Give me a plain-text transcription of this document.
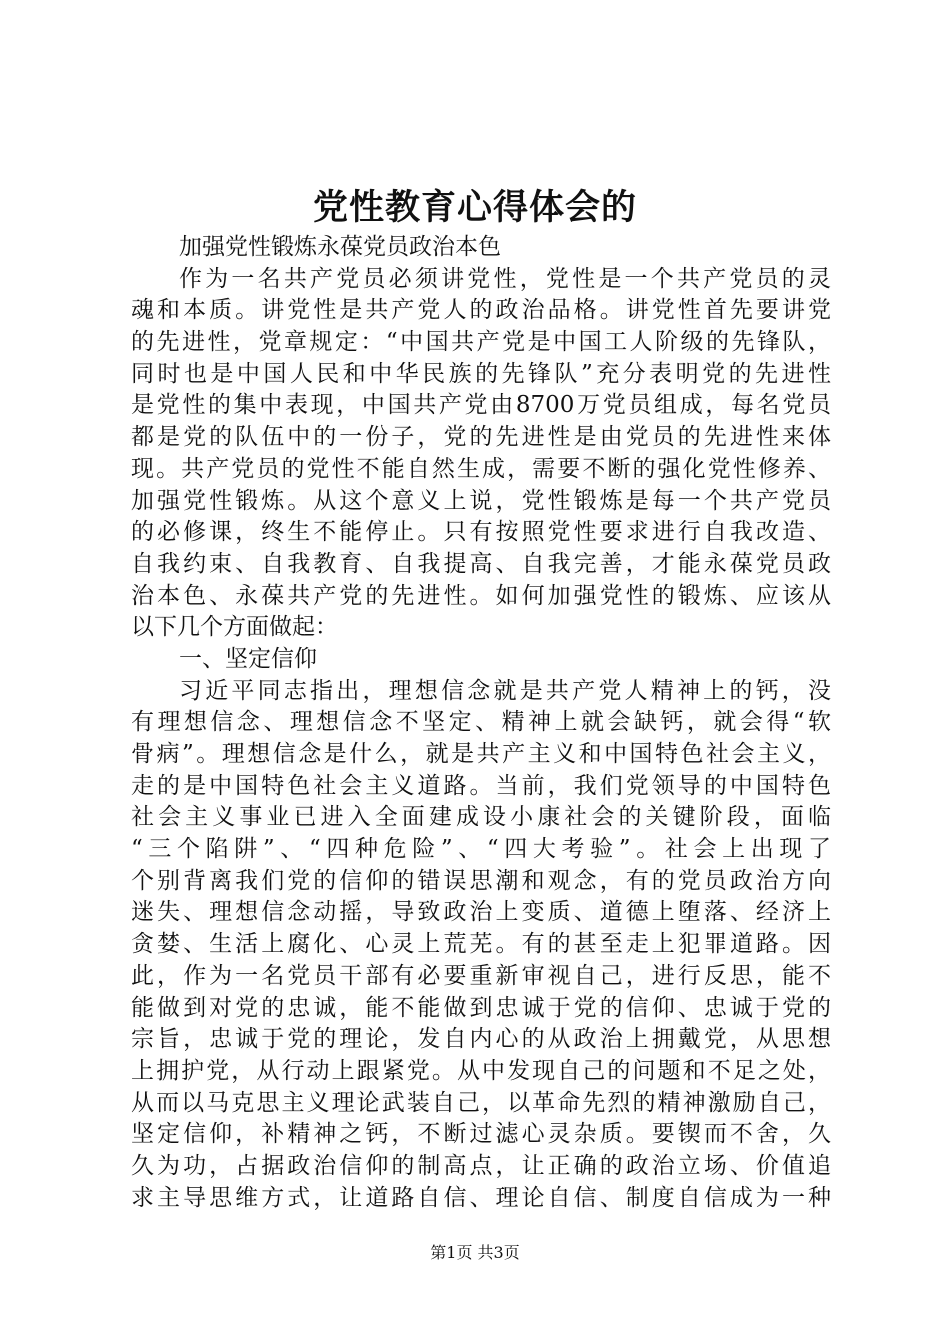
党性教育心得体会的
加强党性锻炼永葆党员政治本色
作为一名共产党员必须讲党性，党性是一个共产党员的灵
魂和本质。讲党性是共产党人的政治品格。讲党性首先要讲党
的先进性，党章规定：“中国共产党是中国工人阶级的先锋队，
同时也是中国人民和中华民族的先锋队”充分表明党的先进性
是党性的集中表现，中国共产党由8700万党员组成，每名党员
都是党的队伍中的一份子，党的先进性是由党员的先进性来体
现。共产党员的党性不能自然生成，需要不断的强化党性修养、
加强党性锻炼。从这个意义上说，党性锻炼是每一个共产党员
的必修课，终生不能停止。只有按照党性要求进行自我改造、
自我约束、自我教育、自我提高、自我完善，才能永葆党员政
治本色、永葆共产党的先进性。如何加强党性的锻炼、应该从
以下几个方面做起：
一、坚定信仰
习近平同志指出，理想信念就是共产党人精神上的钙，没
有理想信念、理想信念不坚定、精神上就会缺钙，就会得“软
骨病”。理想信念是什么，就是共产主义和中国特色社会主义，
走的是中国特色社会主义道路。当前，我们党领导的中国特色
社会主义事业已进入全面建成设小康社会的关键阶段，面临
“三个陷阱”、“四种危险”、“四大考验”。社会上出现了
个别背离我们党的信仰的错误思潮和观念，有的党员政治方向
迷失、理想信念动摇，导致政治上变质、道德上堕落、经济上
贪婪、生活上腐化、心灵上荒芜。有的甚至走上犯罪道路。因
此，作为一名党员干部有必要重新审视自己，进行反思，能不
能做到对党的忠诚，能不能做到忠诚于党的信仰、忠诚于党的
宗旨，忠诚于党的理论，发自内心的从政治上拥戴党，从思想
上拥护党，从行动上跟紧党。从中发现自己的问题和不足之处，
从而以马克思主义理论武装自己，以革命先烈的精神激励自己，
坚定信仰，补精神之钙，不断过滤心灵杂质。要锲而不舍，久
久为功，占据政治信仰的制高点，让正确的政治立场、价值追
求主导思维方式，让道路自信、理论自信、制度自信成为一种
第1页 共3页
